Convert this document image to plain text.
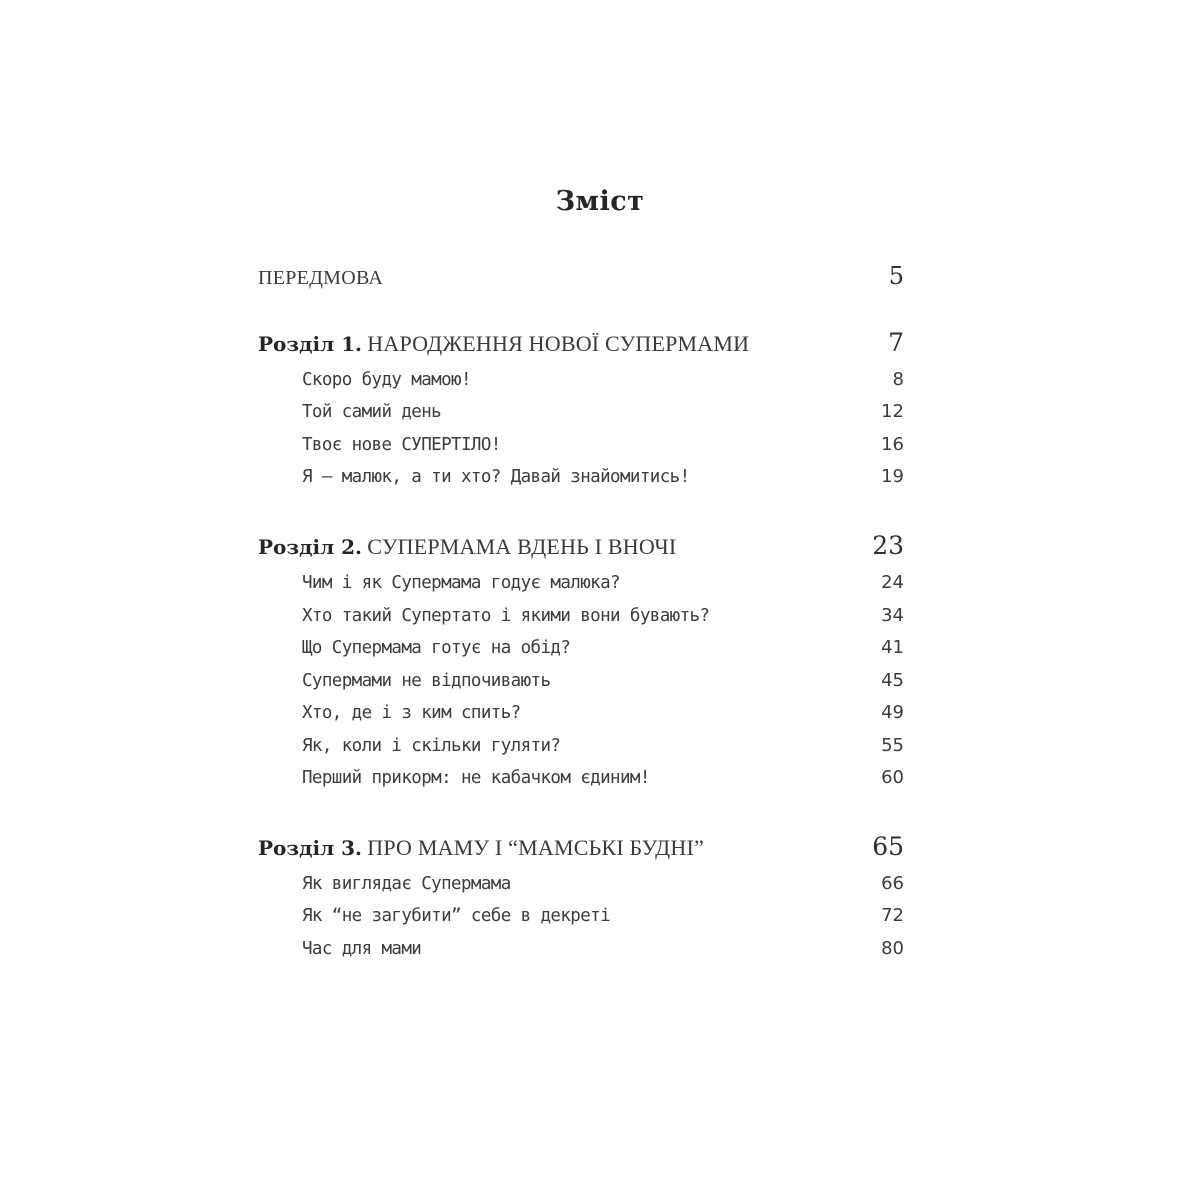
Зміст
ПЕРЕДМОВА	5
Розділ 1. НАРОДЖЕННЯ НОВОЇ СУПЕРМАМИ	7
Скоро буду мамою!	8
Той самий день	12
Твоє нове СУПЕРТІЛО!	16
Я – малюк, а ти хто? Давай знайомитись!	19
Розділ 2. СУПЕРМАМА ВДЕНЬ І ВНОЧІ	23
Чим і як Супермама годує малюка?	24
Хто такий Супертато і якими вони бувають?	34
Що Супермама готує на обід?	41
Супермами не відпочивають	45
Хто, де і з ким спить?	49
Як, коли і скільки гуляти?	55
Перший прикорм: не кабачком єдиним!	60
Розділ 3. ПРО МАМУ І “МАМСЬКІ БУДНІ”	65
Як виглядає Супермама	66
Як “не загубити” себе в декреті	72
Час для мами	80
